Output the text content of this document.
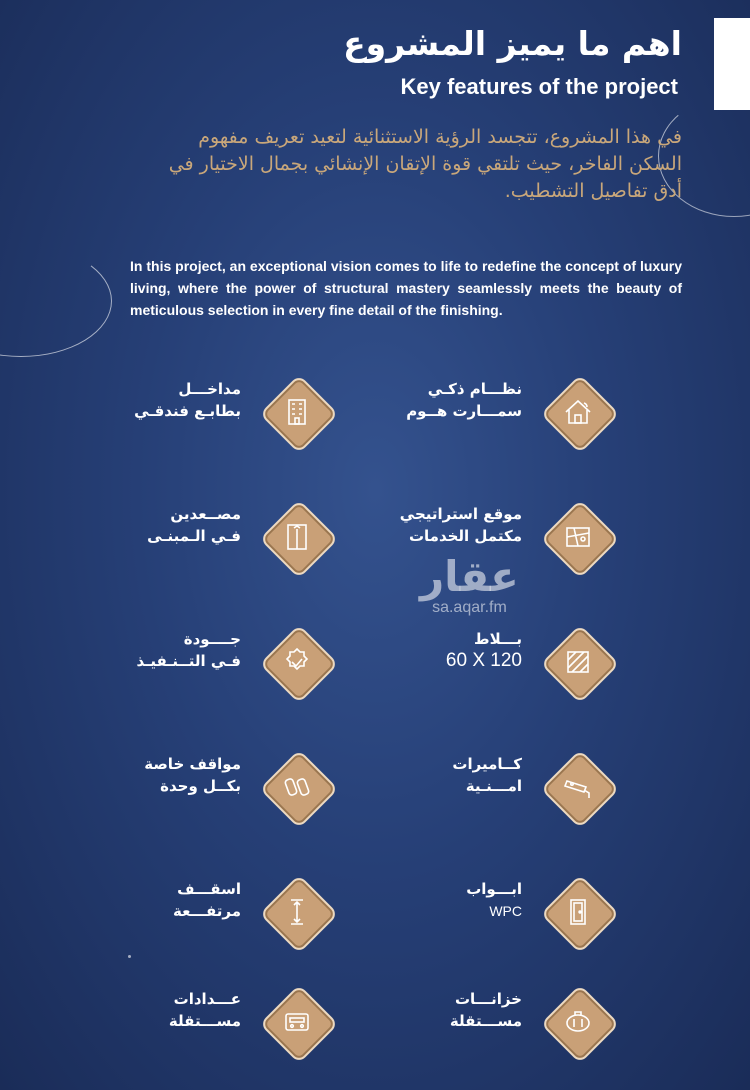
اهم ما يميز المشروع
Key features of the project
في هذا المشروع، تتجسد الرؤية الاستثنائية لتعيد تعريف مفهوم
السكن الفاخر، حيث تلتقي قوة الإتقان الإنشائي بجمال الاختيار في
أدق تفاصيل التشطيب.
In this project, an exceptional vision comes to life to redefine the concept of luxury living, where the power of structural mastery seamlessly meets the beauty of meticulous selection in every fine detail of the finishing.
عقار
sa.aqar.fm
نظـــام ذكـي
سمـــارت هــوم
مداخـــل
بطابـع فندقـي
موقع استراتيجي
مكتمل الخدمات
مصــعدين
فـي الـمبنـى
بـــلاط
60 X 120
جــــودة
فـي التــنـفيـذ
كــاميرات
امـــنـية
مواقف خاصة
بكــل وحدة
ابـــواب
WPC
اسقـــف
مرتفـــعة
خزانـــات
مســـتقلة
عـــدادات
مســـتقلة
